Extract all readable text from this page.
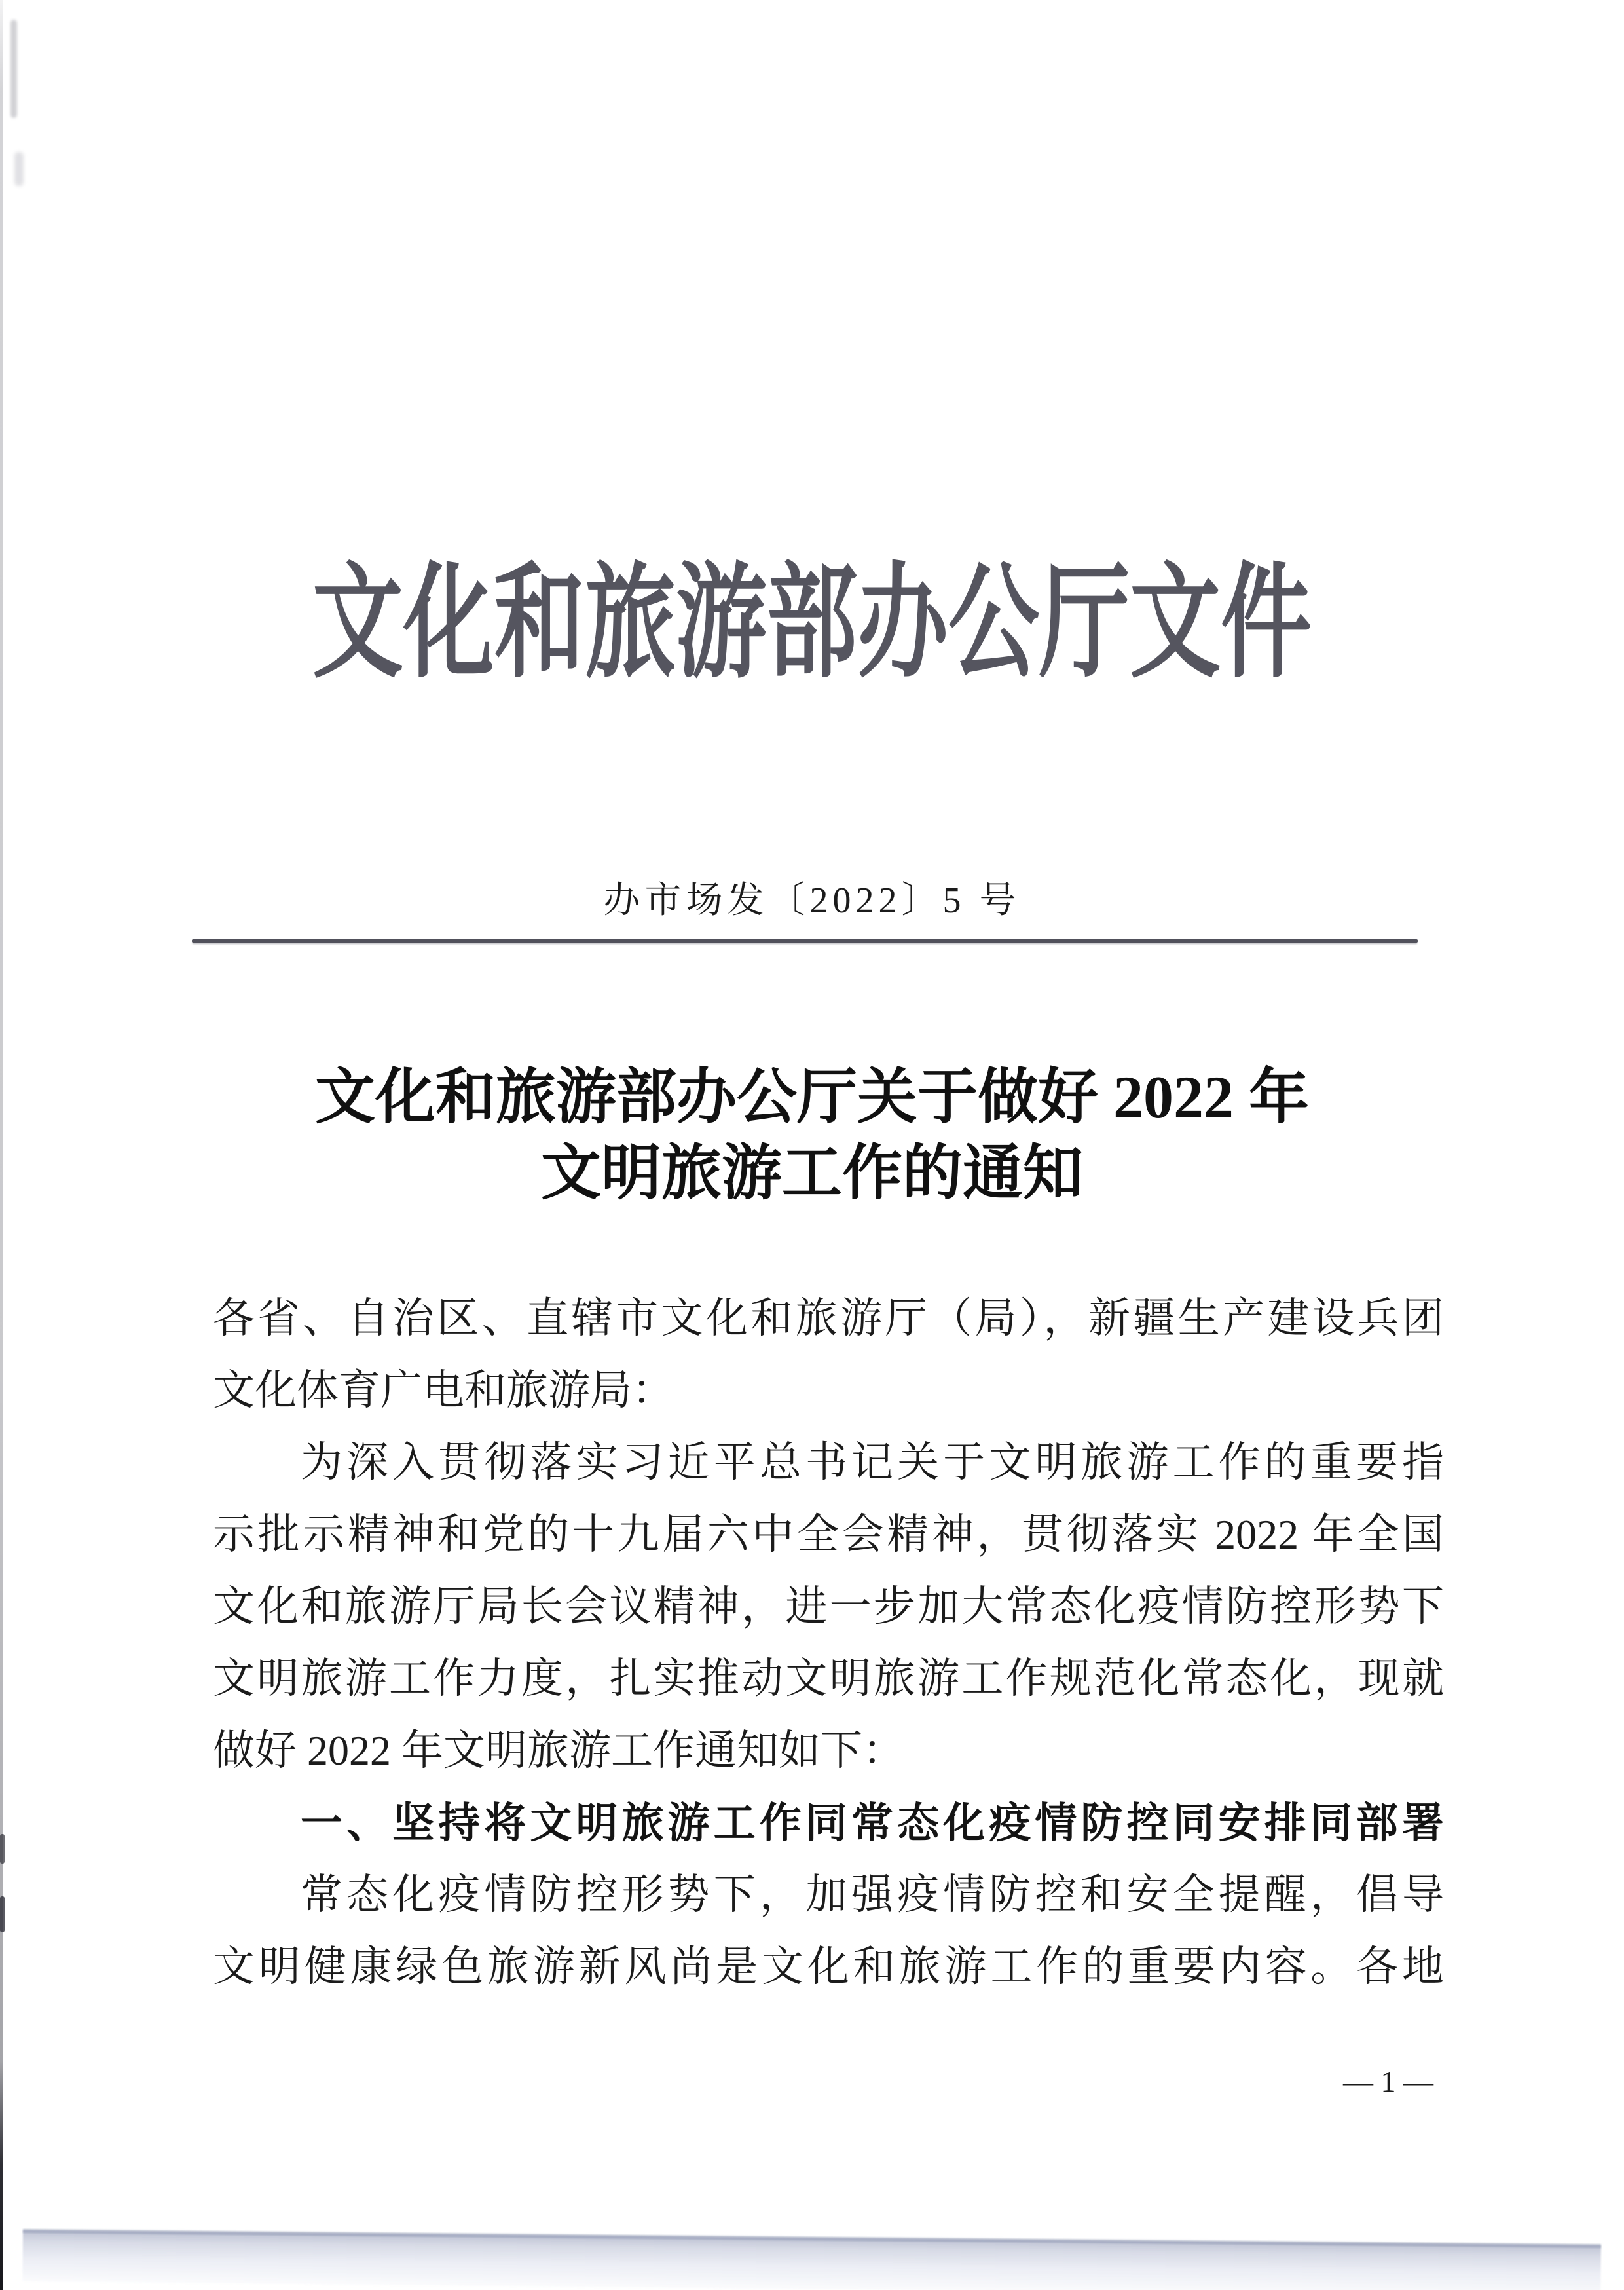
文化和旅游部办公厅文件
办市场发〔2022〕5 号
文化和旅游部办公厅关于做好 2022 年
文明旅游工作的通知
各省、自治区、直辖市文化和旅游厅（局），新疆生产建设兵团
文化体育广电和旅游局：
为深入贯彻落实习近平总书记关于文明旅游工作的重要指
示批示精神和党的十九届六中全会精神，贯彻落实 2022 年全国
文化和旅游厅局长会议精神，进一步加大常态化疫情防控形势下
文明旅游工作力度，扎实推动文明旅游工作规范化常态化，现就
做好 2022 年文明旅游工作通知如下：
一、坚持将文明旅游工作同常态化疫情防控同安排同部署
常态化疫情防控形势下，加强疫情防控和安全提醒，倡导
文明健康绿色旅游新风尚是文化和旅游工作的重要内容。各地
— 1 —
